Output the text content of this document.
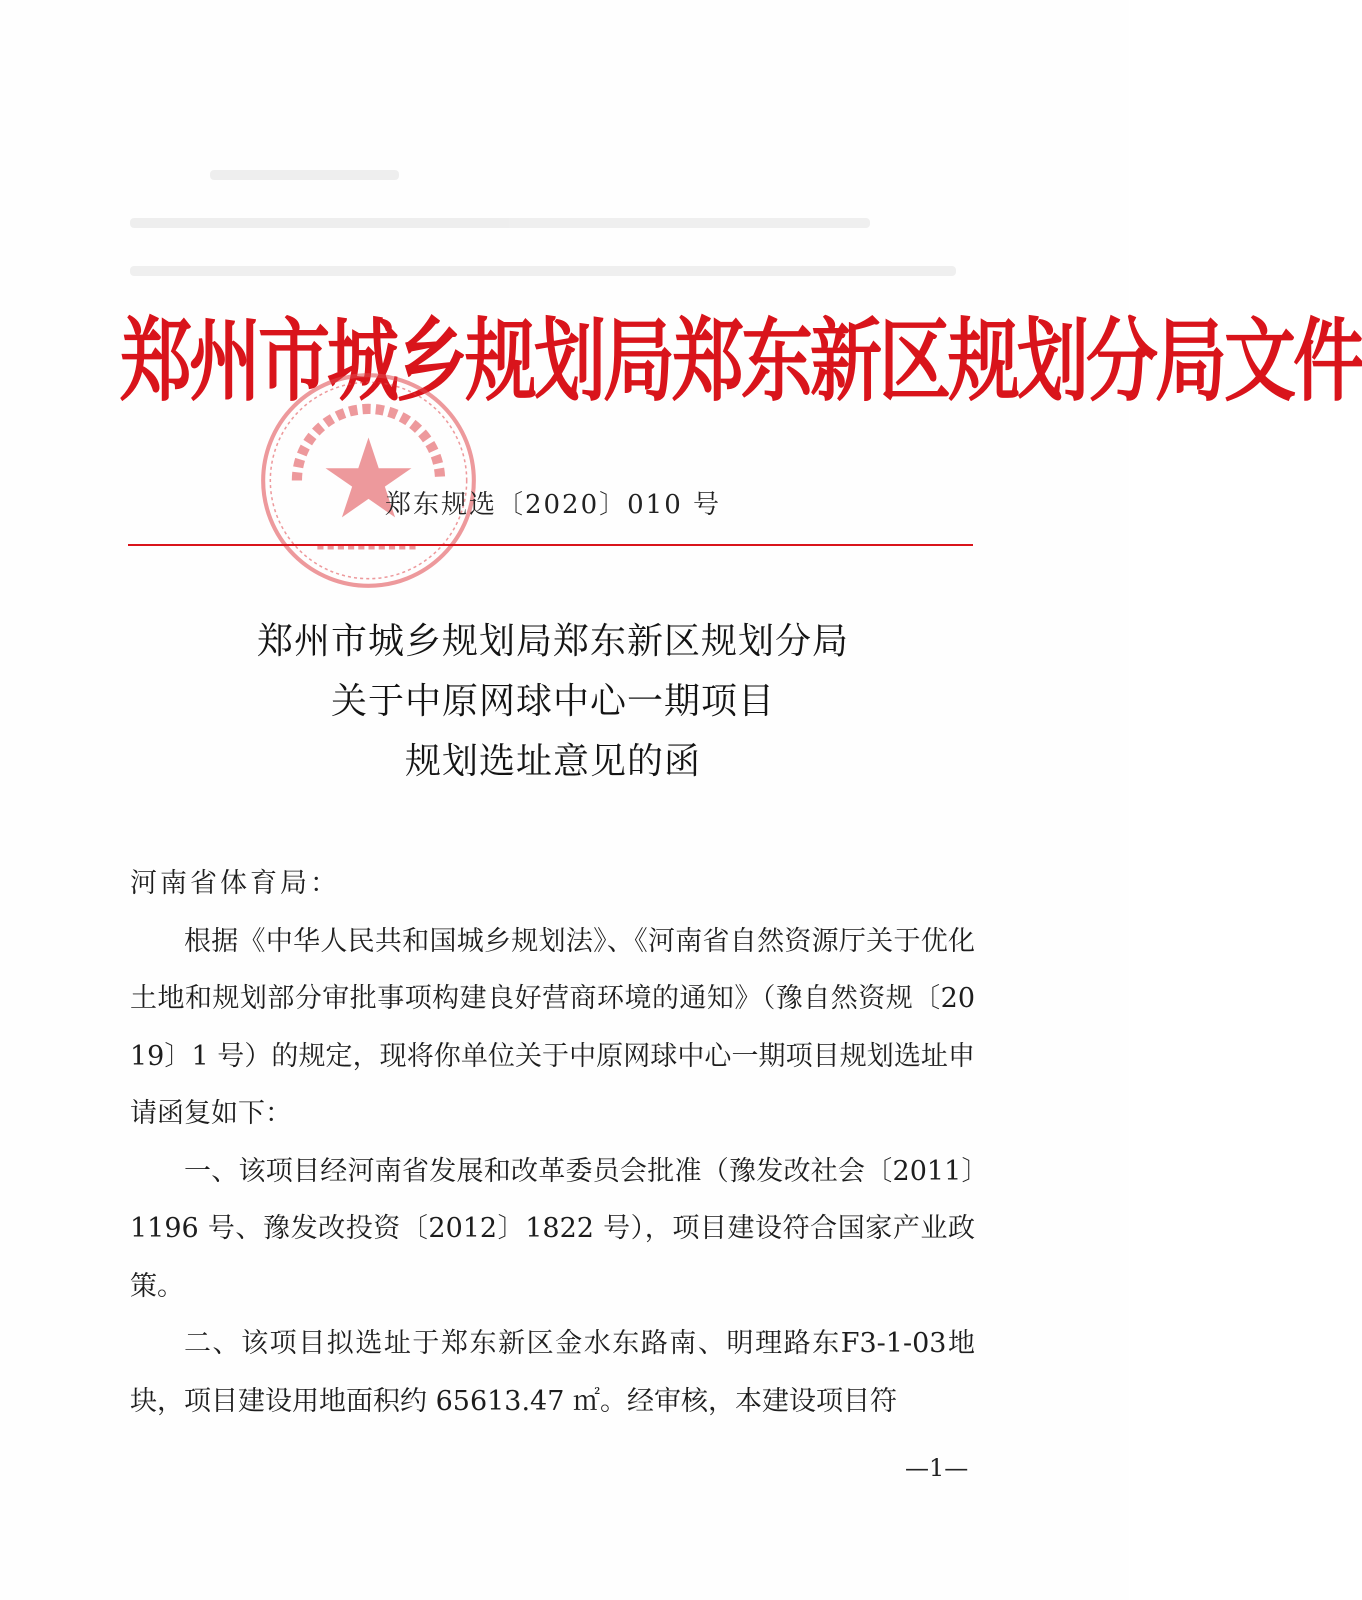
郑州市城乡规划局郑东新区规划分局文件
郑东规选〔2020〕010 号
郑州市城乡规划局郑东新区规划分局
关于中原网球中心一期项目
规划选址意见的函

河南省体育局：

根据《中华人民共和国城乡规划法》、《河南省自然资源厅关于优化土地和规划部分审批事项构建良好营商环境的通知》（豫自然资规〔2019〕1 号）的规定，现将你单位关于中原网球中心一期项目规划选址申请函复如下：

一、该项目经河南省发展和改革委员会批准（豫发改社会〔2011〕1196 号、豫发改投资〔2012〕1822 号），项目建设符合国家产业政策。

二、该项目拟选址于郑东新区金水东路南、明理路东F3-1-03地块，项目建设用地面积约 65613.47 ㎡。经审核，本建设项目符

—1—
